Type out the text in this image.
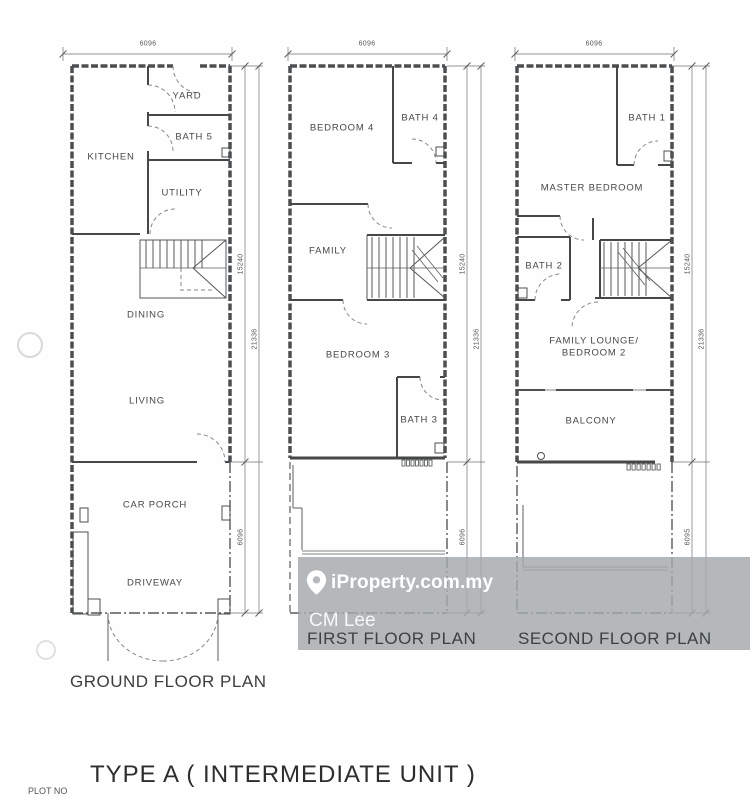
YARD
BATH 5
KITCHEN
UTILITY
DINING
LIVING
CAR PORCH
DRIVEWAY
BEDROOM 4
BATH 4
FAMILY
BEDROOM 3
BATH 3
BATH 1
MASTER BEDROOM
BATH 2
FAMILY LOUNGE/
BEDROOM 2
BALCONY
6096
15240
6096
21336
6096
15240
6096
21336
6096
15240
6095
21336
iProperty.com.my
CM Lee
GROUND FLOOR PLAN
FIRST FLOOR PLAN SECOND FLOOR PLAN
TYPE A ( INTERMEDIATE UNIT )
PLOT NO
